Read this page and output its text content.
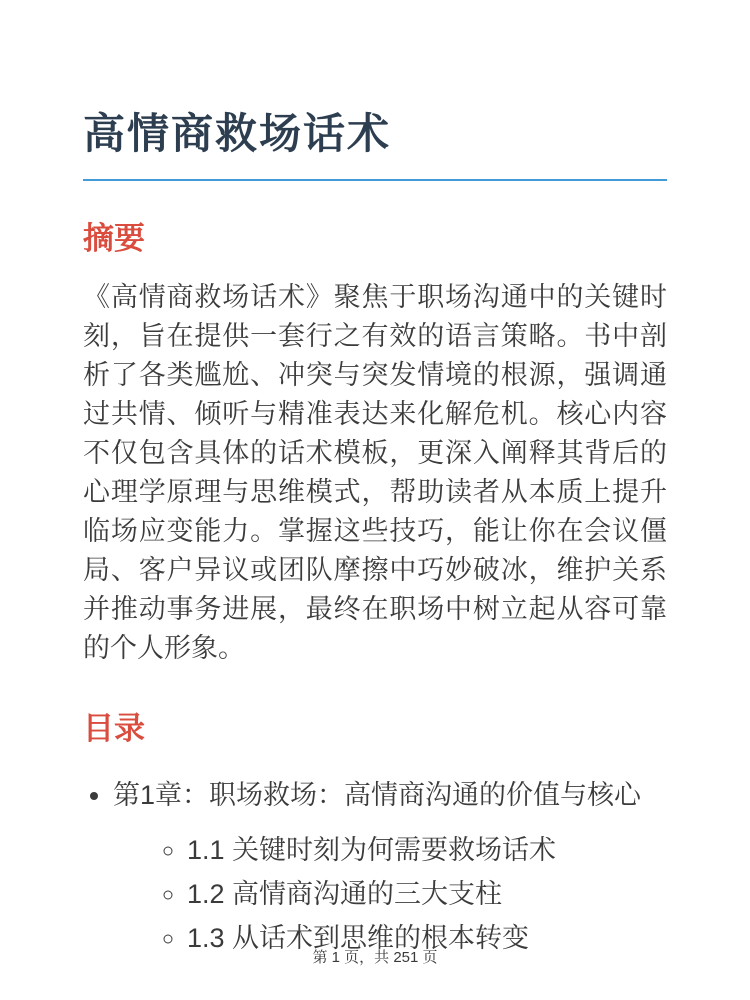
高情商救场话术
摘要

《高情商救场话术》聚焦于职场沟通中的关键时刻，旨在提供一套行之有效的语言策略。书中剖析了各类尴尬、冲突与突发情境的根源，强调通过共情、倾听与精准表达来化解危机。核心内容不仅包含具体的话术模板，更深入阐释其背后的心理学原理与思维模式，帮助读者从本质上提升临场应变能力。掌握这些技巧，能让你在会议僵局、客户异议或团队摩擦中巧妙破冰，维护关系并推动事务进展，最终在职场中树立起从容可靠的个人形象。

目录
• 第1章：职场救场：高情商沟通的价值与核心
◦ 1.1 关键时刻为何需要救场话术
◦ 1.2 高情商沟通的三大支柱
◦ 1.3 从话术到思维的根本转变
第 1 页，共 251 页
